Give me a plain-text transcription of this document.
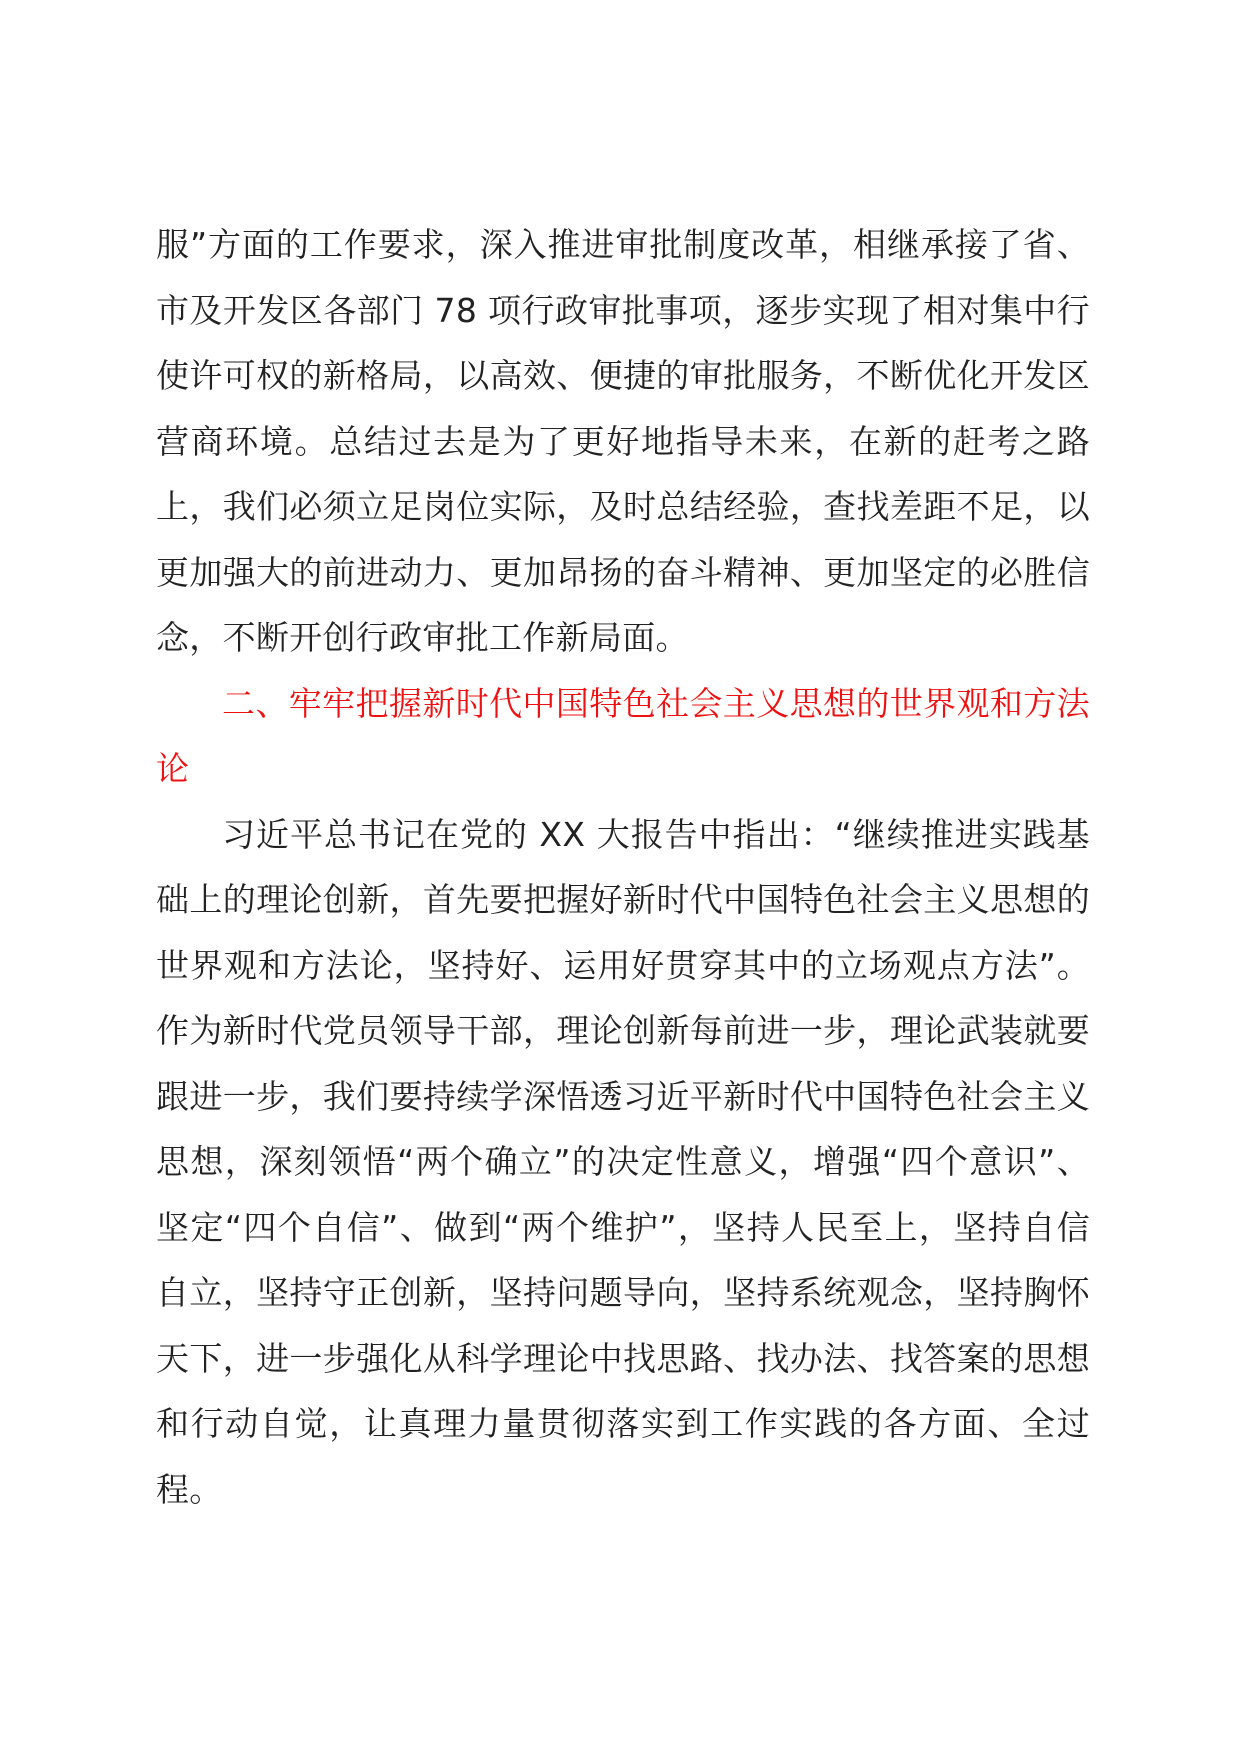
服”方面的工作要求，深入推进审批制度改革，相继承接了省、市及开发区各部门 78 项行政审批事项，逐步实现了相对集中行使许可权的新格局，以高效、便捷的审批服务，不断优化开发区营商环境。总结过去是为了更好地指导未来，在新的赶考之路上，我们必须立足岗位实际，及时总结经验，查找差距不足，以更加强大的前进动力、更加昂扬的奋斗精神、更加坚定的必胜信念，不断开创行政审批工作新局面。

二、牢牢把握新时代中国特色社会主义思想的世界观和方法论

习近平总书记在党的 XX 大报告中指出：“继续推进实践基础上的理论创新，首先要把握好新时代中国特色社会主义思想的世界观和方法论，坚持好、运用好贯穿其中的立场观点方法”。作为新时代党员领导干部，理论创新每前进一步，理论武装就要跟进一步，我们要持续学深悟透习近平新时代中国特色社会主义思想，深刻领悟“两个确立”的决定性意义，增强“四个意识”、坚定“四个自信”、做到“两个维护”，坚持人民至上，坚持自信自立，坚持守正创新，坚持问题导向，坚持系统观念，坚持胸怀天下，进一步强化从科学理论中找思路、找办法、找答案的思想和行动自觉，让真理力量贯彻落实到工作实践的各方面、全过程。
